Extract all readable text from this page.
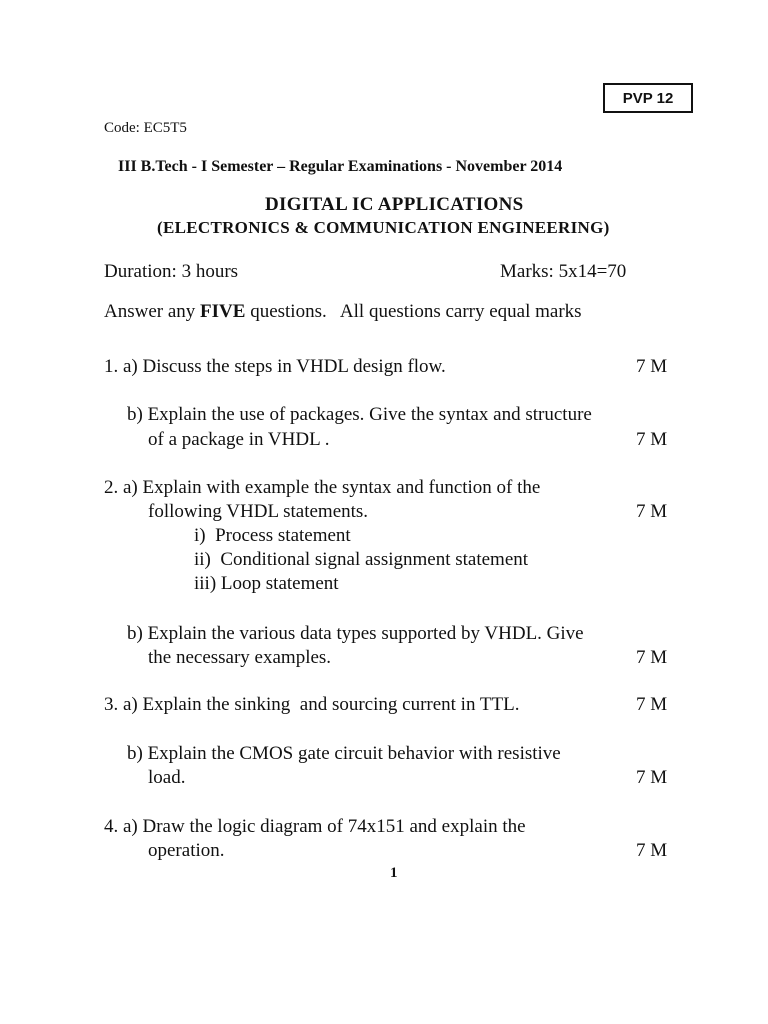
PVP 12
Code: EC5T5
III B.Tech - I Semester – Regular Examinations - November 2014
DIGITAL IC APPLICATIONS
(ELECTRONICS & COMMUNICATION ENGINEERING)
Duration: 3 hours	Marks: 5x14=70
Answer any FIVE questions.   All questions carry equal marks
1. a) Discuss the steps in VHDL design flow.	7 M
b) Explain the use of packages. Give the syntax and structure
of a package in VHDL .	7 M
2. a) Explain with example the syntax and function of the
following VHDL statements.	7 M
i)  Process statement
ii)  Conditional signal assignment statement
iii) Loop statement
b) Explain the various data types supported by VHDL. Give
the necessary examples.	7 M
3. a) Explain the sinking  and sourcing current in TTL.	7 M
b) Explain the CMOS gate circuit behavior with resistive
load.	7 M
4. a) Draw the logic diagram of 74x151 and explain the
operation.	7 M
1
